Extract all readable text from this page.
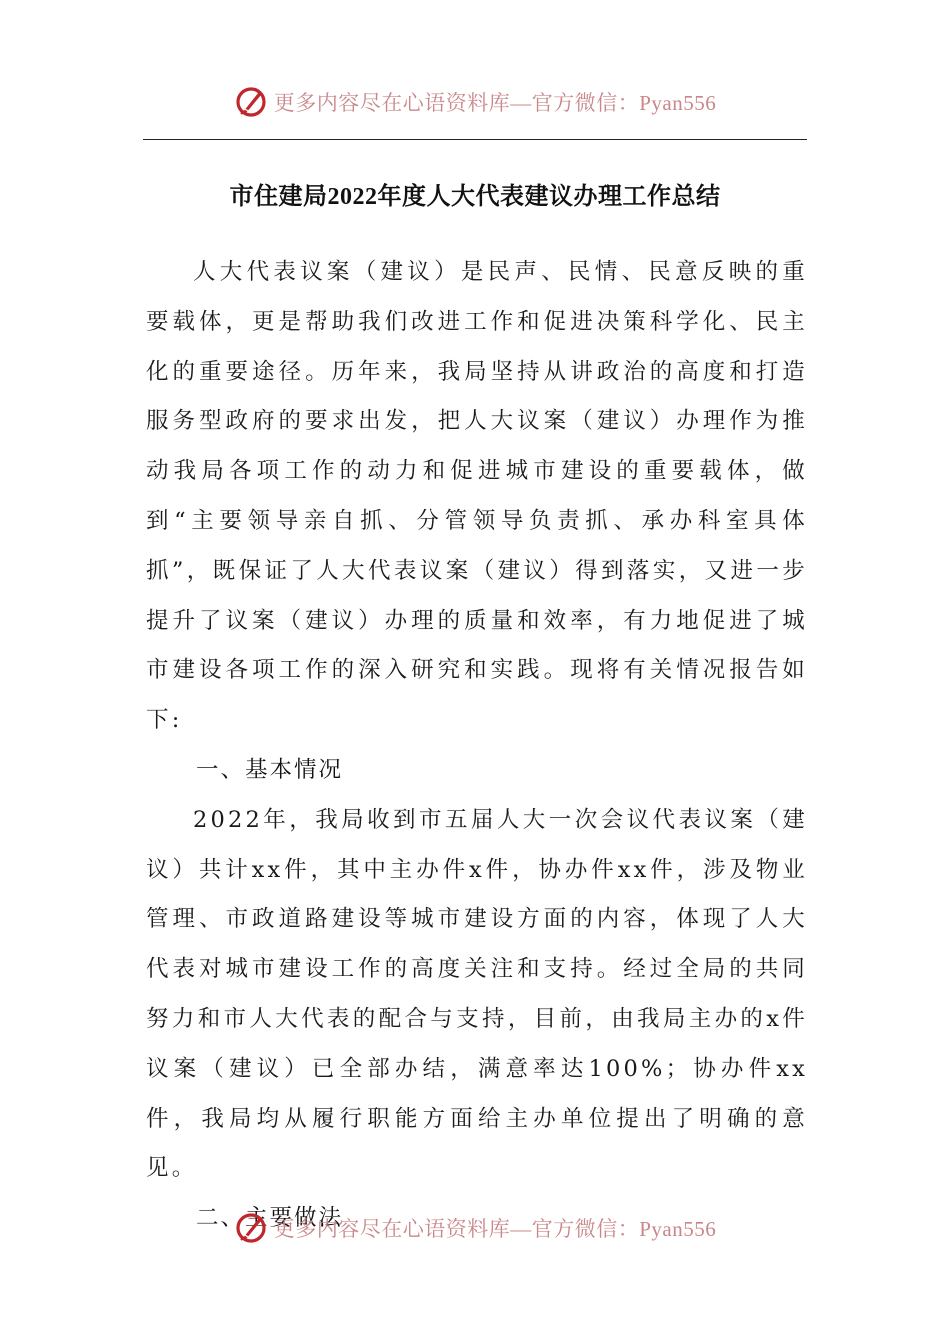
更多内容尽在心语资料库—官方微信：Pyan556
市住建局2022年度人大代表建议办理工作总结

人大代表议案（建议）是民声、民情、民意反映的重要载体，更是帮助我们改进工作和促进决策科学化、民主化的重要途径。历年来，我局坚持从讲政治的高度和打造服务型政府的要求出发，把人大议案（建议）办理作为推动我局各项工作的动力和促进城市建设的重要载体，做到“主要领导亲自抓、分管领导负责抓、承办科室具体抓”，既保证了人大代表议案（建议）得到落实，又进一步提升了议案（建议）办理的质量和效率，有力地促进了城市建设各项工作的深入研究和实践。现将有关情况报告如下:

一、基本情况

2022年，我局收到市五届人大一次会议代表议案（建议）共计xx件，其中主办件x件，协办件xx件，涉及物业管理、市政道路建设等城市建设方面的内容，体现了人大代表对城市建设工作的高度关注和支持。经过全局的共同努力和市人大代表的配合与支持，目前，由我局主办的x件议案（建议）已全部办结，满意率达100%；协办件xx件，我局均从履行职能方面给主办单位提出了明确的意见。

二、主要做法
更多内容尽在心语资料库—官方微信：Pyan556
